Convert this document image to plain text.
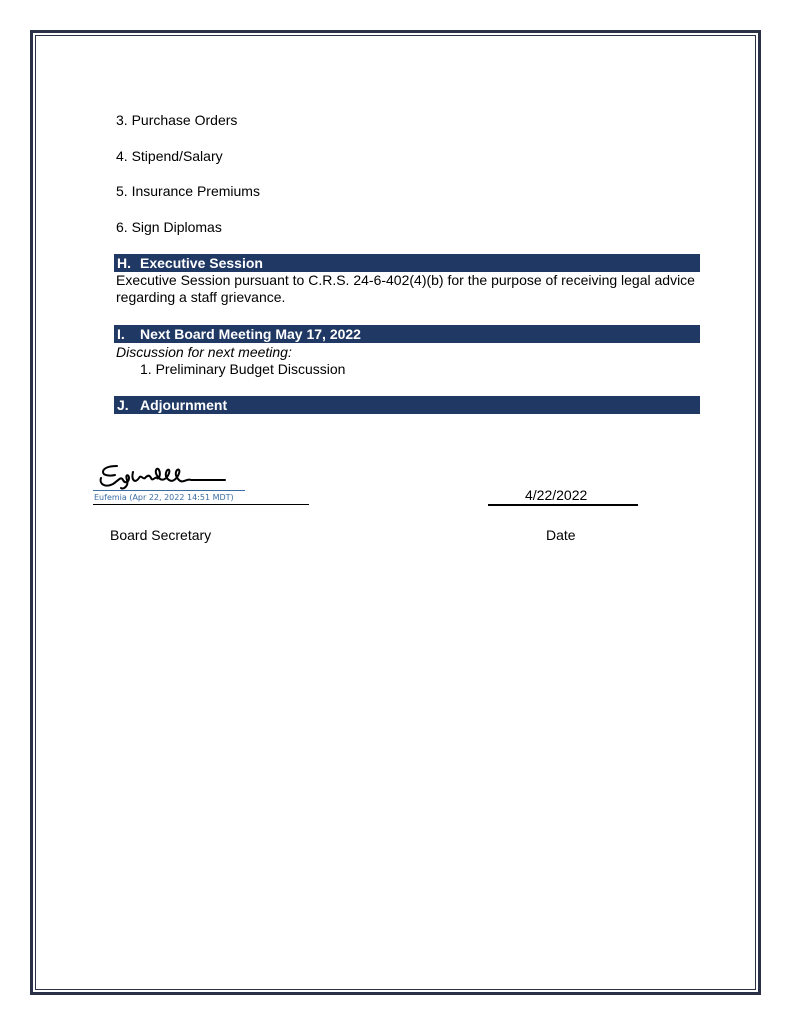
3. Purchase Orders
4. Stipend/Salary
5. Insurance Premiums
6. Sign Diplomas
H. Executive Session
Executive Session pursuant to C.R.S. 24-6-402(4)(b) for the purpose of receiving legal advice regarding a staff grievance.
I. Next Board Meeting May 17, 2022
Discussion for next meeting:
1. Preliminary Budget Discussion
J. Adjournment
Eufemia (Apr 22, 2022 14:51 MDT)	4/22/2022
Board Secretary	Date
